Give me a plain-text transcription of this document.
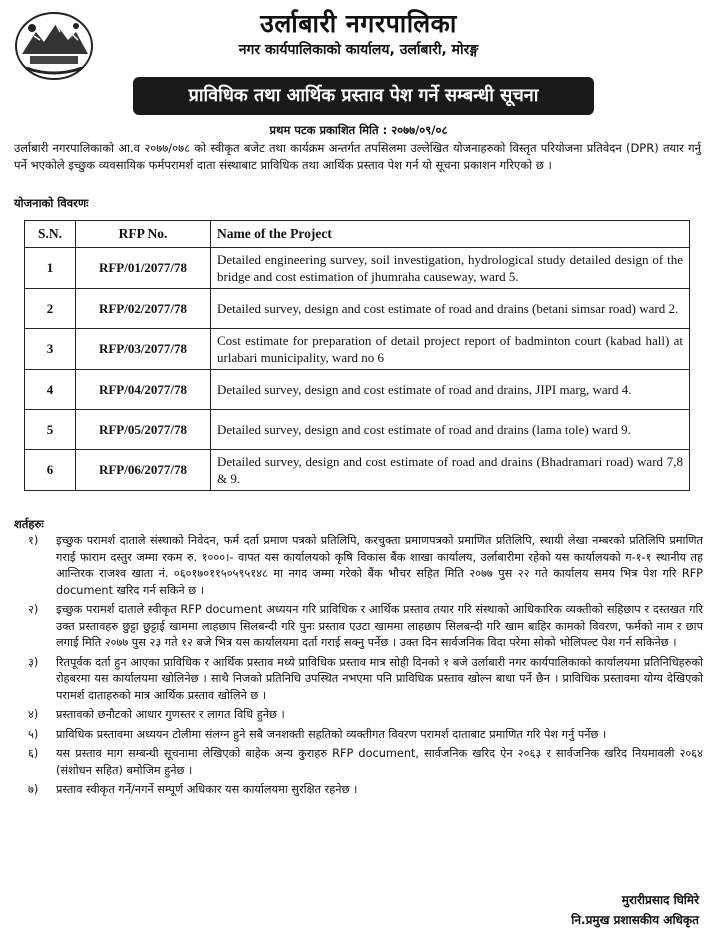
उर्लाबारी नगरपालिका
नगर कार्यपालिकाको कार्यालय, उर्लाबारी, मोरङ्ग
प्राविधिक तथा आर्थिक प्रस्ताव पेश गर्ने सम्बन्धी सूचना
प्रथम पटक प्रकाशित मिति : २०७७/०९/०८
उर्लाबारी नगरपालिकाको आ.व २०७७/०७८ को स्वीकृत बजेट तथा कार्यक्रम अन्तर्गत तपसिलमा उल्लेखित योजनाहरुको विस्तृत परियोजना प्रतिवेदन (DPR) तयार गर्नु पर्ने भएकोले इच्छुक व्यवसायिक फर्मपरामर्श दाता संस्थाबाट प्राविधिक तथा आर्थिक प्रस्ताव पेश गर्न यो सूचना प्रकाशन गरिएको छ ।
योजनाको विवरणः
S.N.	RFP No.	Name of the Project
1	RFP/01/2077/78	Detailed engineering survey, soil investigation, hydrological study detailed design of the bridge and cost estimation of jhumraha causeway, ward 5.
2	RFP/02/2077/78	Detailed survey, design and cost estimate of road and drains (betani simsar road) ward 2.
3	RFP/03/2077/78	Cost estimate for preparation of detail project report of badminton court (kabad hall) at urlabari municipality, ward no 6
4	RFP/04/2077/78	Detailed survey, design and cost estimate of road and drains, JIPI marg, ward 4.
5	RFP/05/2077/78	Detailed survey, design and cost estimate of road and drains (lama tole) ward 9.
6	RFP/06/2077/78	Detailed survey, design and cost estimate of road and drains (Bhadramari road) ward 7,8 & 9.
शर्तहरुः
१)	इच्छुक परामर्श दाताले संस्थाको निवेदन, फर्म दर्ता प्रमाण पत्रको प्रतिलिपि, करचुक्ता प्रमाणपत्रको प्रमाणित प्रतिलिपि, स्थायी लेखा नम्बरको प्रतिलिपि प्रमाणित गराई फाराम दस्तुर जम्मा रकम रु. १०००।- वापत यस कार्यालयको कृषि विकास बैंक शाखा कार्यालय, उर्लाबारीमा रहेको यस कार्यालयको ग-१-१ स्थानीय तह आन्तिरक राजश्व खाता नं. ०६०१७०११५०५९५१४८ मा नगद जम्मा गरेको बैंक भौचर सहित मिति २०७७ पुस २२ गते कार्यालय समय भित्र पेश गरि RFP document खरिद गर्न सकिने छ ।
२)	इच्छुक परामर्श दाताले स्वीकृत RFP document अध्ययन गरि प्राविधिक र आर्थिक प्रस्ताव तयार गरि संस्थाको आधिकारिक व्यक्तीको सहिछाप र दस्तखत गरि उक्त प्रस्तावहरु छुट्टा छुट्टाई खाममा लाहछाप सिलबन्दी गरि पुनः प्रस्ताव एउटा खाममा लाहछाप सिलबन्दी गरि खाम बाहिर कामको विवरण, फर्मको नाम र छाप लगाई मिति २०७७ पुस २३ गते १२ बजे भित्र यस कार्यालयमा दर्ता गराई सक्नु पर्नेछ । उक्त दिन सार्वजनिक विदा परेमा सोको भोलिपल्ट पेश गर्न सकिनेछ ।
३)	रितपूर्वक दर्ता हुन आएका प्राविधिक र आर्थिक प्रस्ताव मध्ये प्राविधिक प्रस्ताव मात्र सोही दिनको १ बजे उर्लाबारी नगर कार्यपालिकाको कार्यालयमा प्रतिनिधिहरुको रोहबरमा यस कार्यालयमा खोलिनेछ । साथै निजको प्रतिनिधि उपस्थित नभएमा पनि प्राविधिक प्रस्ताव खोल्न बाधा पर्ने छैन । प्राविधिक प्रस्तावमा योग्य देखिएको परामर्श दाताहरुको मात्र आर्थिक प्रस्ताव खोलिने छ ।
४)	प्रस्तावको छनौटको आधार गुणस्तर र लागत विधि हुनेछ ।
५)	प्राविधिक प्रस्तावमा अध्ययन टोलीमा संलग्न हुने सबै जनशक्ती सहतिको व्यक्तीगत विवरण परामर्श दाताबाट प्रमाणित गरि पेश गर्नु पर्नेछ ।
६)	यस प्रस्ताव माग सम्बन्धी सूचनामा लेखिएको बाहेक अन्य कुराहरु RFP document, सार्वजनिक खरिद ऐन २०६३ र सार्वजनिक खरिद नियमावली २०६४ (संशोधन सहित) बमोजिम हुनेछ ।
७)	प्रस्ताव स्वीकृत गर्ने/नगर्ने सम्पूर्ण अधिकार यस कार्यालयमा सुरक्षित रहनेछ ।
मुरारीप्रसाद घिमिरे
नि.प्रमुख प्रशासकीय अधिकृत
